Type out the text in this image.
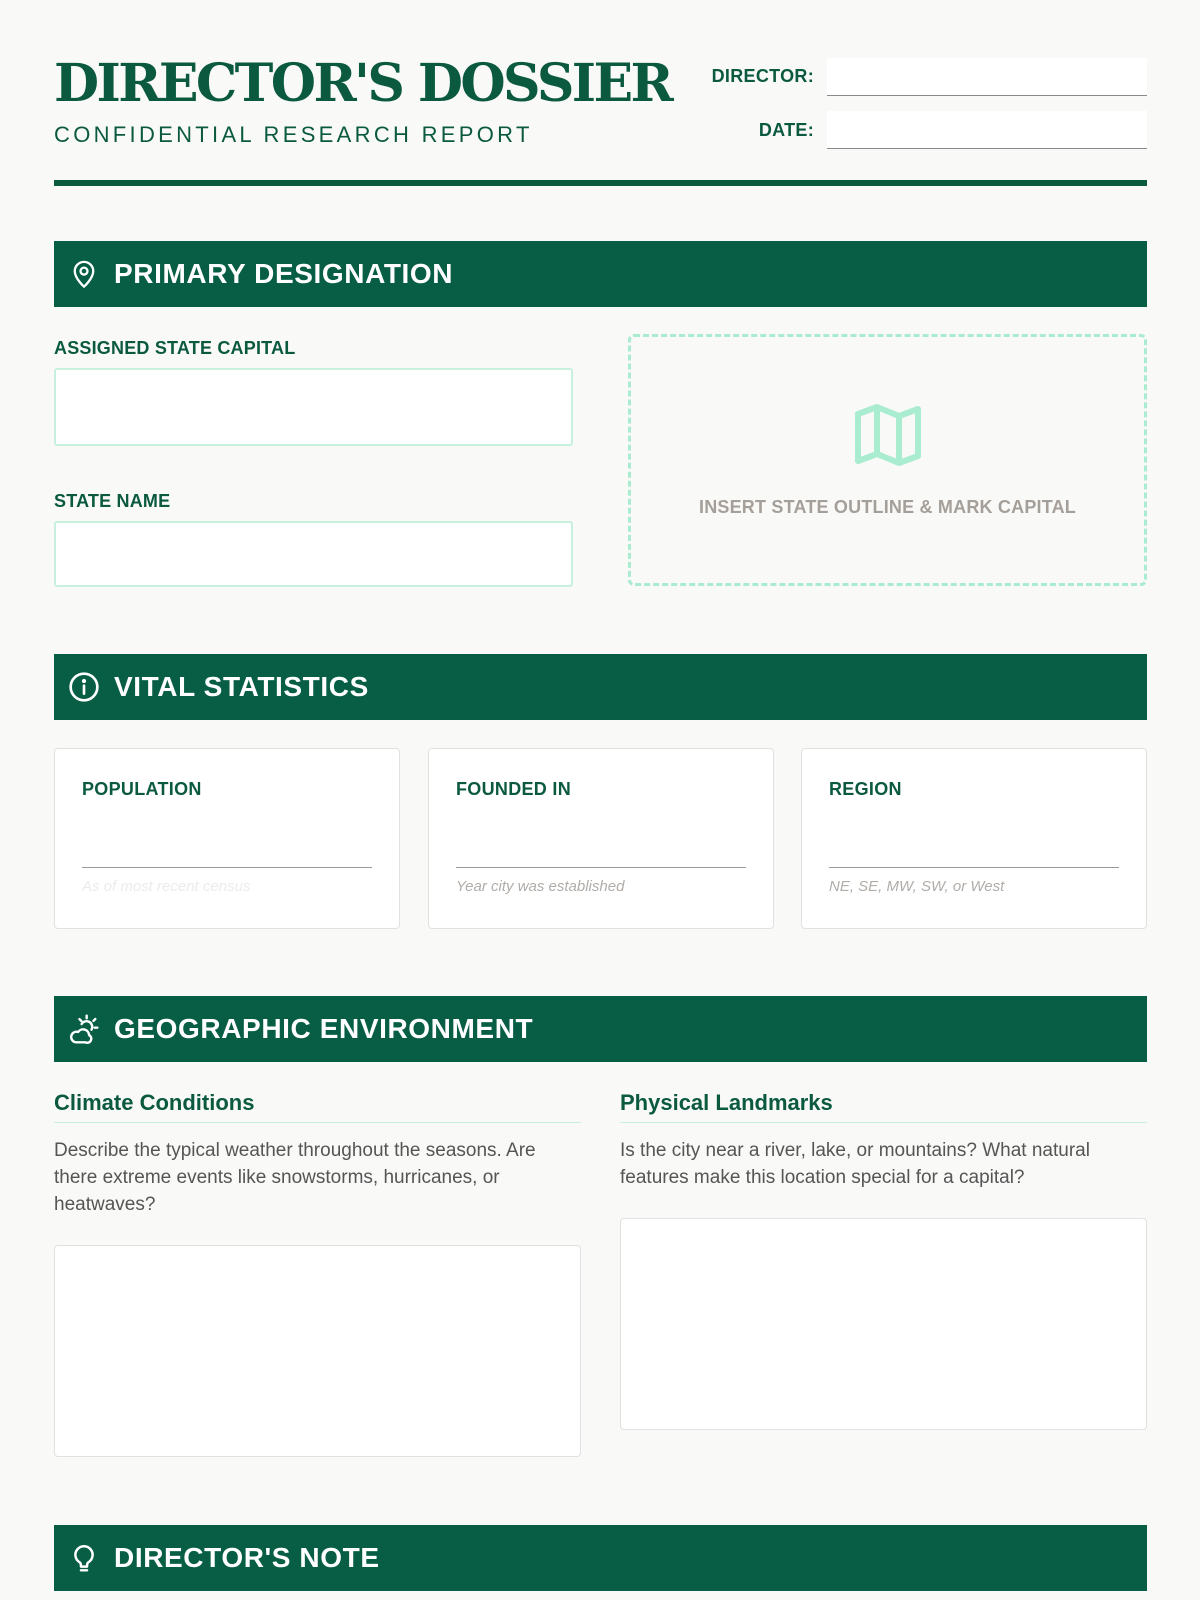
DIRECTOR'S DOSSIER
CONFIDENTIAL RESEARCH REPORT
DIRECTOR:
DATE:
PRIMARY DESIGNATION
ASSIGNED STATE CAPITAL
STATE NAME	INSERT STATE OUTLINE & MARK CAPITAL
VITAL STATISTICS
POPULATION
As of most recent census
FOUNDED IN
Year city was established
REGION
NE, SE, MW, SW, or West
GEOGRAPHIC ENVIRONMENT
Climate Conditions

Describe the typical weather throughout the seasons. Are there extreme events like snowstorms, hurricanes, or heatwaves?

Physical Landmarks

Is the city near a river, lake, or mountains? What natural features make this location special for a capital?

DIRECTOR'S NOTE
